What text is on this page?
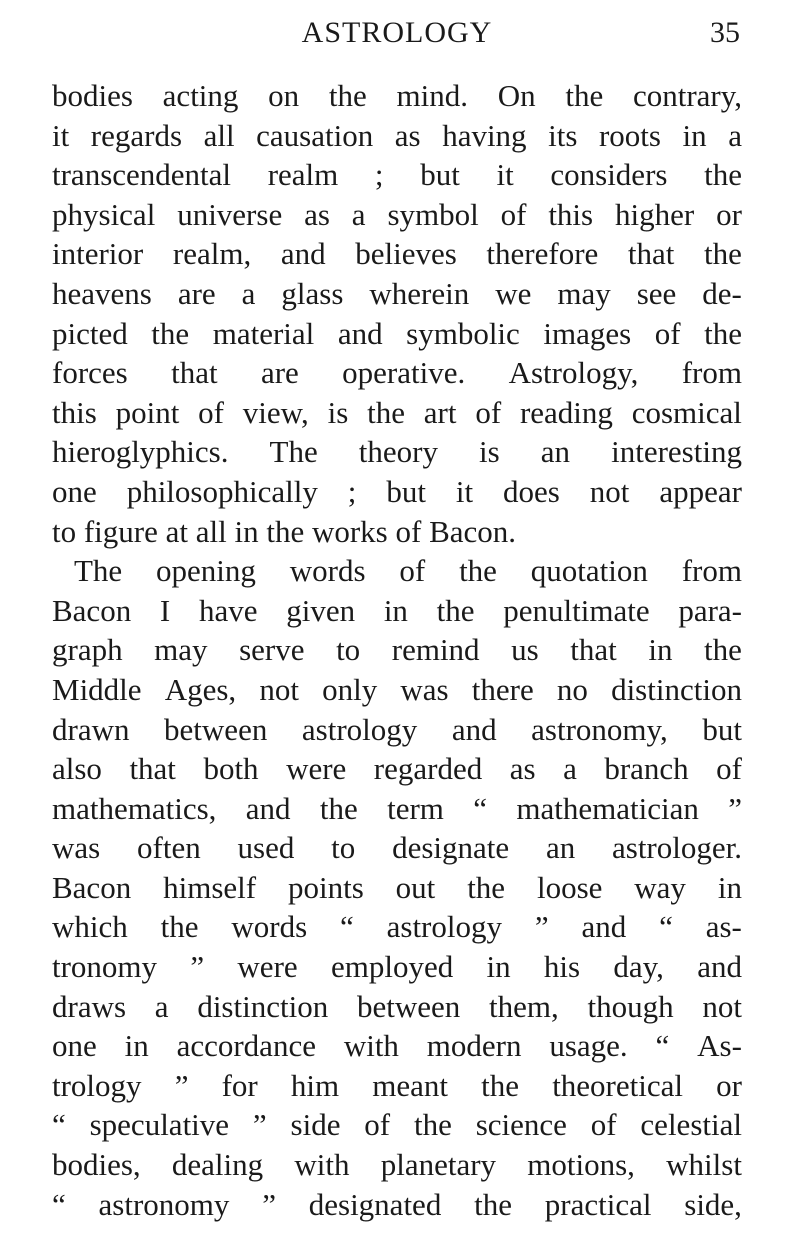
ASTROLOGY	35
bodies acting on the mind. On the contrary,
it regards all causation as having its roots in a
transcendental realm ; but it considers the
physical universe as a symbol of this higher or
interior realm, and believes therefore that the
heavens are a glass wherein we may see de-
picted the material and symbolic images of the
forces that are operative. Astrology, from
this point of view, is the art of reading cosmical
hieroglyphics. The theory is an interesting
one philosophically ; but it does not appear
to figure at all in the works of Bacon.
The opening words of the quotation from
Bacon I have given in the penultimate para-
graph may serve to remind us that in the
Middle Ages, not only was there no distinction
drawn between astrology and astronomy, but
also that both were regarded as a branch of
mathematics, and the term “ mathematician ”
was often used to designate an astrologer.
Bacon himself points out the loose way in
which the words “ astrology ” and “ as-
tronomy ” were employed in his day, and
draws a distinction between them, though not
one in accordance with modern usage. “ As-
trology ” for him meant the theoretical or
“ speculative ” side of the science of celestial
bodies, dealing with planetary motions, whilst
“ astronomy ” designated the practical side,
